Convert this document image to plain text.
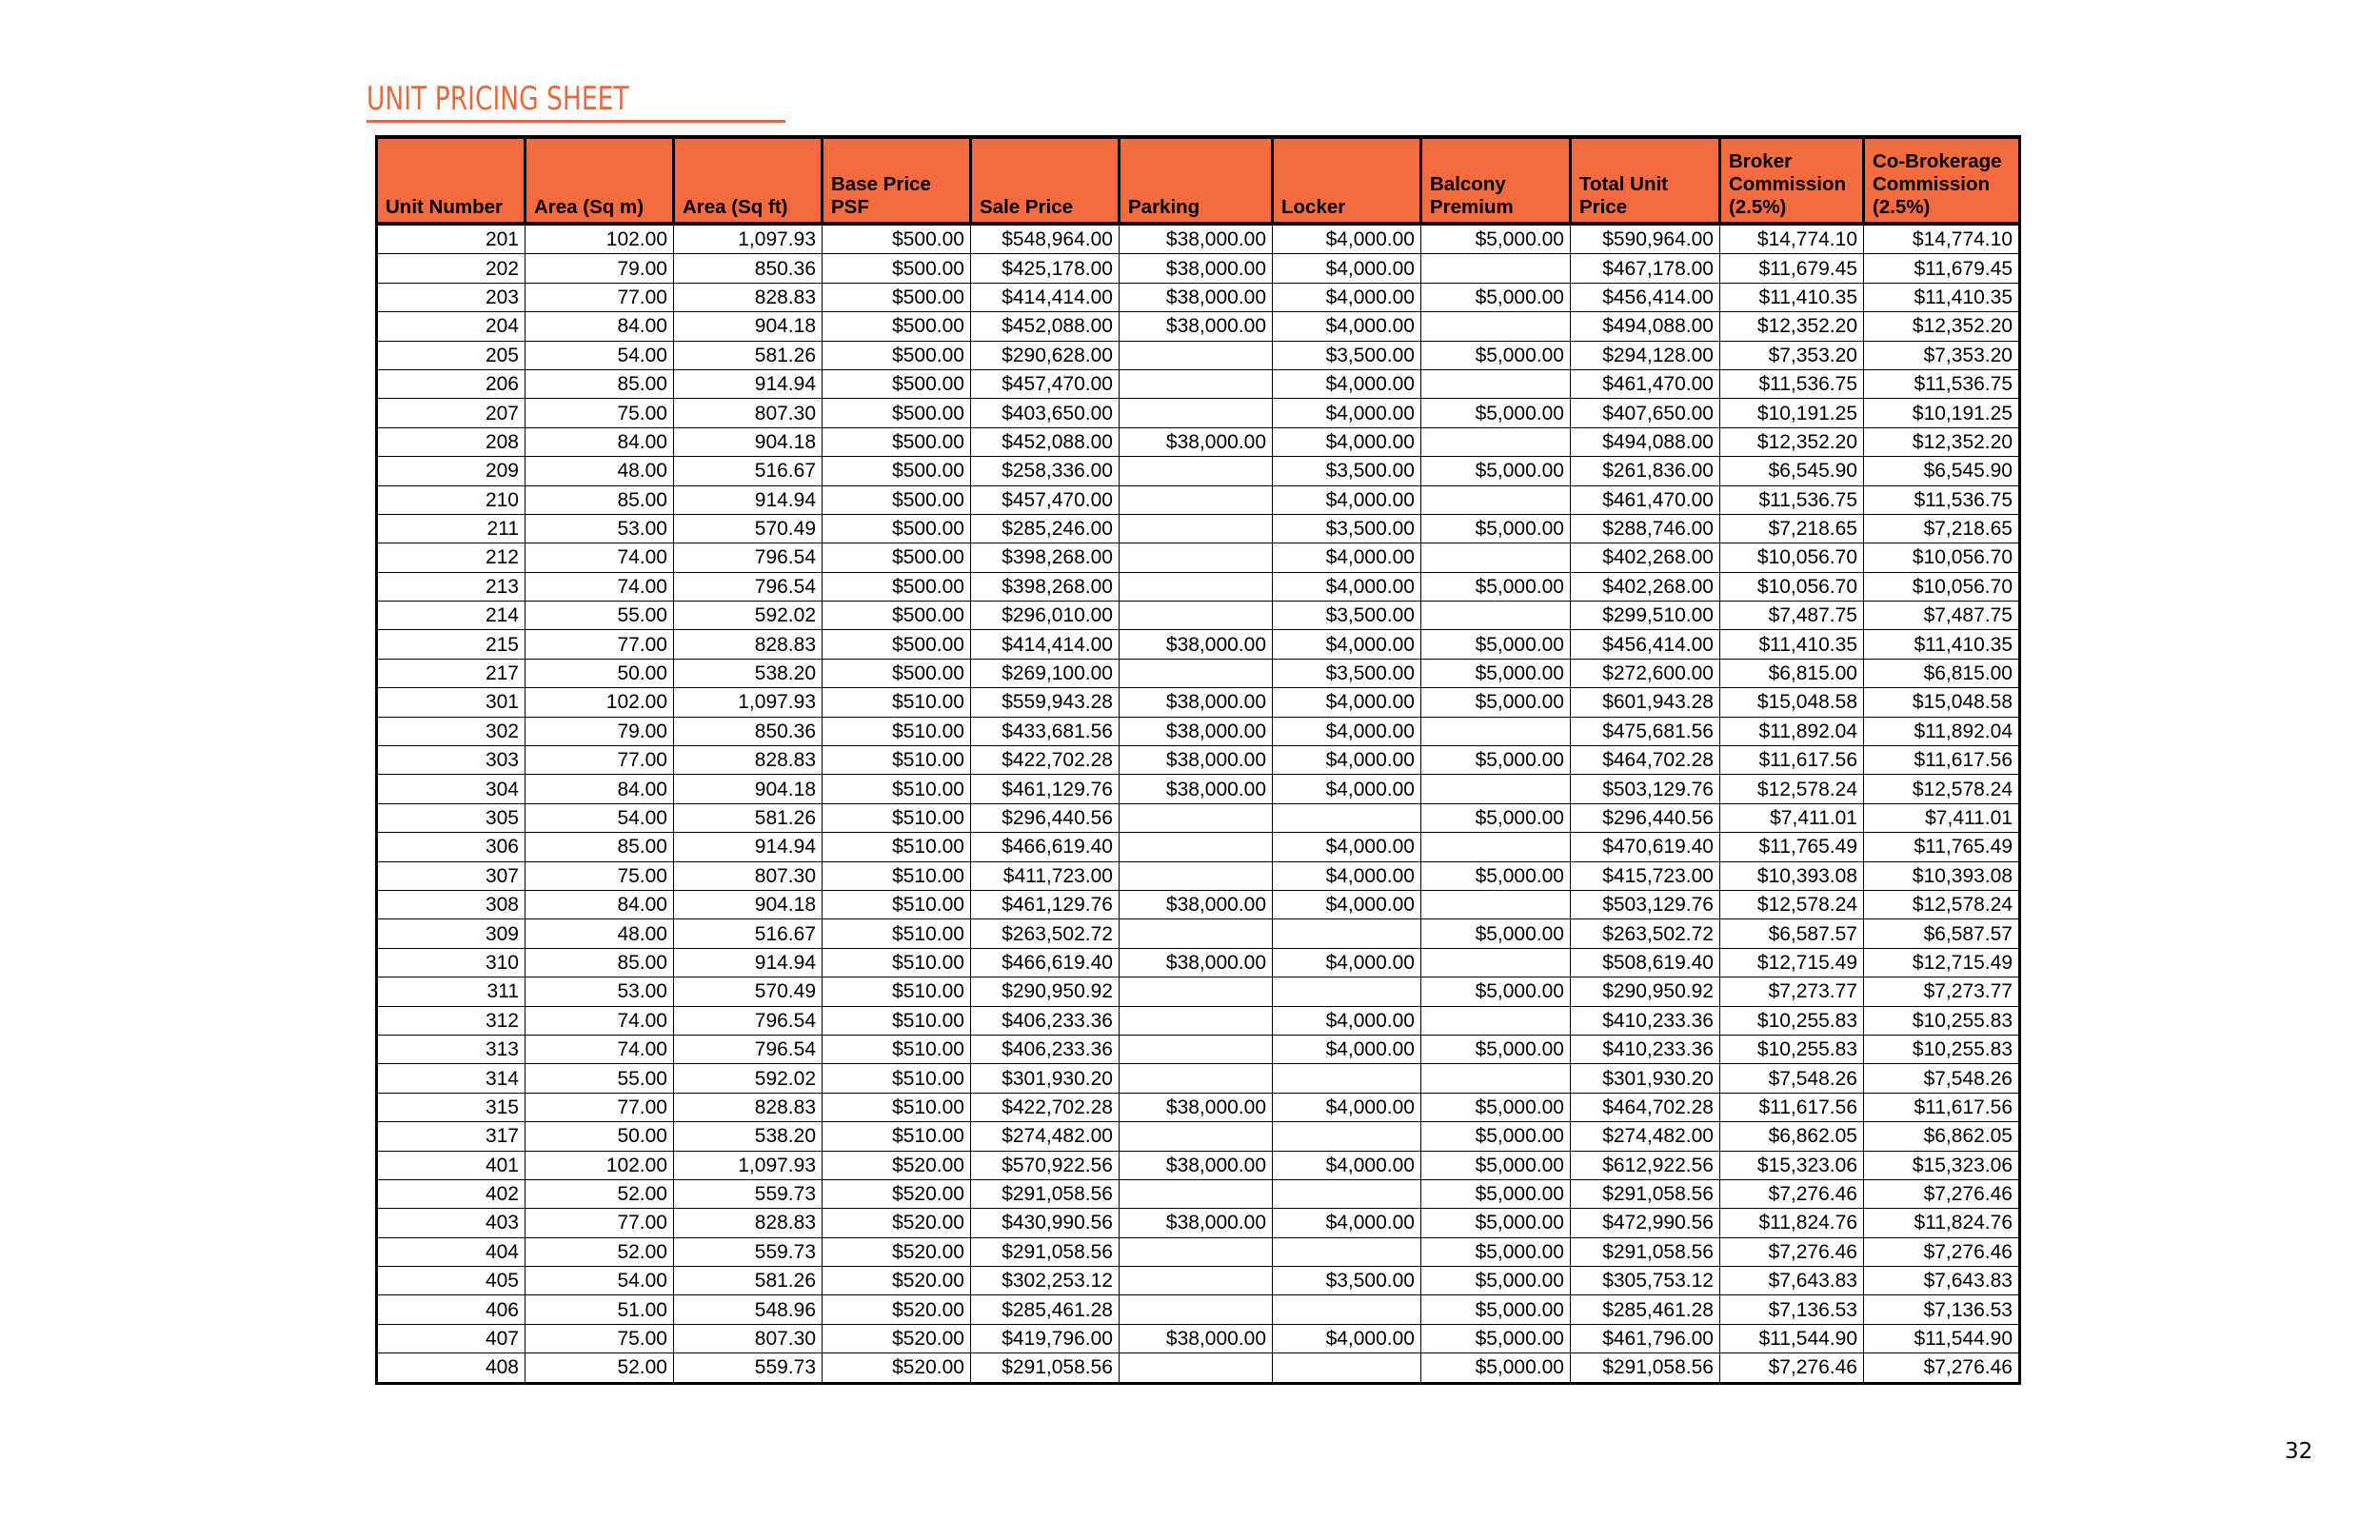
UNIT PRICING SHEET
Unit Number	Area (Sq m)	Area (Sq ft)	Base Price PSF	Sale Price	Parking	Locker	Balcony Premium	Total Unit Price	Broker Commission (2.5%)	Co-Brokerage Commission (2.5%)
201	102.00	1,097.93	$500.00	$548,964.00	$38,000.00	$4,000.00	$5,000.00	$590,964.00	$14,774.10	$14,774.10
202	79.00	850.36	$500.00	$425,178.00	$38,000.00	$4,000.00		$467,178.00	$11,679.45	$11,679.45
203	77.00	828.83	$500.00	$414,414.00	$38,000.00	$4,000.00	$5,000.00	$456,414.00	$11,410.35	$11,410.35
204	84.00	904.18	$500.00	$452,088.00	$38,000.00	$4,000.00		$494,088.00	$12,352.20	$12,352.20
205	54.00	581.26	$500.00	$290,628.00		$3,500.00	$5,000.00	$294,128.00	$7,353.20	$7,353.20
206	85.00	914.94	$500.00	$457,470.00		$4,000.00		$461,470.00	$11,536.75	$11,536.75
207	75.00	807.30	$500.00	$403,650.00		$4,000.00	$5,000.00	$407,650.00	$10,191.25	$10,191.25
208	84.00	904.18	$500.00	$452,088.00	$38,000.00	$4,000.00		$494,088.00	$12,352.20	$12,352.20
209	48.00	516.67	$500.00	$258,336.00		$3,500.00	$5,000.00	$261,836.00	$6,545.90	$6,545.90
210	85.00	914.94	$500.00	$457,470.00		$4,000.00		$461,470.00	$11,536.75	$11,536.75
211	53.00	570.49	$500.00	$285,246.00		$3,500.00	$5,000.00	$288,746.00	$7,218.65	$7,218.65
212	74.00	796.54	$500.00	$398,268.00		$4,000.00		$402,268.00	$10,056.70	$10,056.70
213	74.00	796.54	$500.00	$398,268.00		$4,000.00	$5,000.00	$402,268.00	$10,056.70	$10,056.70
214	55.00	592.02	$500.00	$296,010.00		$3,500.00		$299,510.00	$7,487.75	$7,487.75
215	77.00	828.83	$500.00	$414,414.00	$38,000.00	$4,000.00	$5,000.00	$456,414.00	$11,410.35	$11,410.35
217	50.00	538.20	$500.00	$269,100.00		$3,500.00	$5,000.00	$272,600.00	$6,815.00	$6,815.00
301	102.00	1,097.93	$510.00	$559,943.28	$38,000.00	$4,000.00	$5,000.00	$601,943.28	$15,048.58	$15,048.58
302	79.00	850.36	$510.00	$433,681.56	$38,000.00	$4,000.00		$475,681.56	$11,892.04	$11,892.04
303	77.00	828.83	$510.00	$422,702.28	$38,000.00	$4,000.00	$5,000.00	$464,702.28	$11,617.56	$11,617.56
304	84.00	904.18	$510.00	$461,129.76	$38,000.00	$4,000.00		$503,129.76	$12,578.24	$12,578.24
305	54.00	581.26	$510.00	$296,440.56			$5,000.00	$296,440.56	$7,411.01	$7,411.01
306	85.00	914.94	$510.00	$466,619.40		$4,000.00		$470,619.40	$11,765.49	$11,765.49
307	75.00	807.30	$510.00	$411,723.00		$4,000.00	$5,000.00	$415,723.00	$10,393.08	$10,393.08
308	84.00	904.18	$510.00	$461,129.76	$38,000.00	$4,000.00		$503,129.76	$12,578.24	$12,578.24
309	48.00	516.67	$510.00	$263,502.72			$5,000.00	$263,502.72	$6,587.57	$6,587.57
310	85.00	914.94	$510.00	$466,619.40	$38,000.00	$4,000.00		$508,619.40	$12,715.49	$12,715.49
311	53.00	570.49	$510.00	$290,950.92			$5,000.00	$290,950.92	$7,273.77	$7,273.77
312	74.00	796.54	$510.00	$406,233.36		$4,000.00		$410,233.36	$10,255.83	$10,255.83
313	74.00	796.54	$510.00	$406,233.36		$4,000.00	$5,000.00	$410,233.36	$10,255.83	$10,255.83
314	55.00	592.02	$510.00	$301,930.20				$301,930.20	$7,548.26	$7,548.26
315	77.00	828.83	$510.00	$422,702.28	$38,000.00	$4,000.00	$5,000.00	$464,702.28	$11,617.56	$11,617.56
317	50.00	538.20	$510.00	$274,482.00			$5,000.00	$274,482.00	$6,862.05	$6,862.05
401	102.00	1,097.93	$520.00	$570,922.56	$38,000.00	$4,000.00	$5,000.00	$612,922.56	$15,323.06	$15,323.06
402	52.00	559.73	$520.00	$291,058.56			$5,000.00	$291,058.56	$7,276.46	$7,276.46
403	77.00	828.83	$520.00	$430,990.56	$38,000.00	$4,000.00	$5,000.00	$472,990.56	$11,824.76	$11,824.76
404	52.00	559.73	$520.00	$291,058.56			$5,000.00	$291,058.56	$7,276.46	$7,276.46
405	54.00	581.26	$520.00	$302,253.12		$3,500.00	$5,000.00	$305,753.12	$7,643.83	$7,643.83
406	51.00	548.96	$520.00	$285,461.28			$5,000.00	$285,461.28	$7,136.53	$7,136.53
407	75.00	807.30	$520.00	$419,796.00	$38,000.00	$4,000.00	$5,000.00	$461,796.00	$11,544.90	$11,544.90
408	52.00	559.73	$520.00	$291,058.56			$5,000.00	$291,058.56	$7,276.46	$7,276.46
32
